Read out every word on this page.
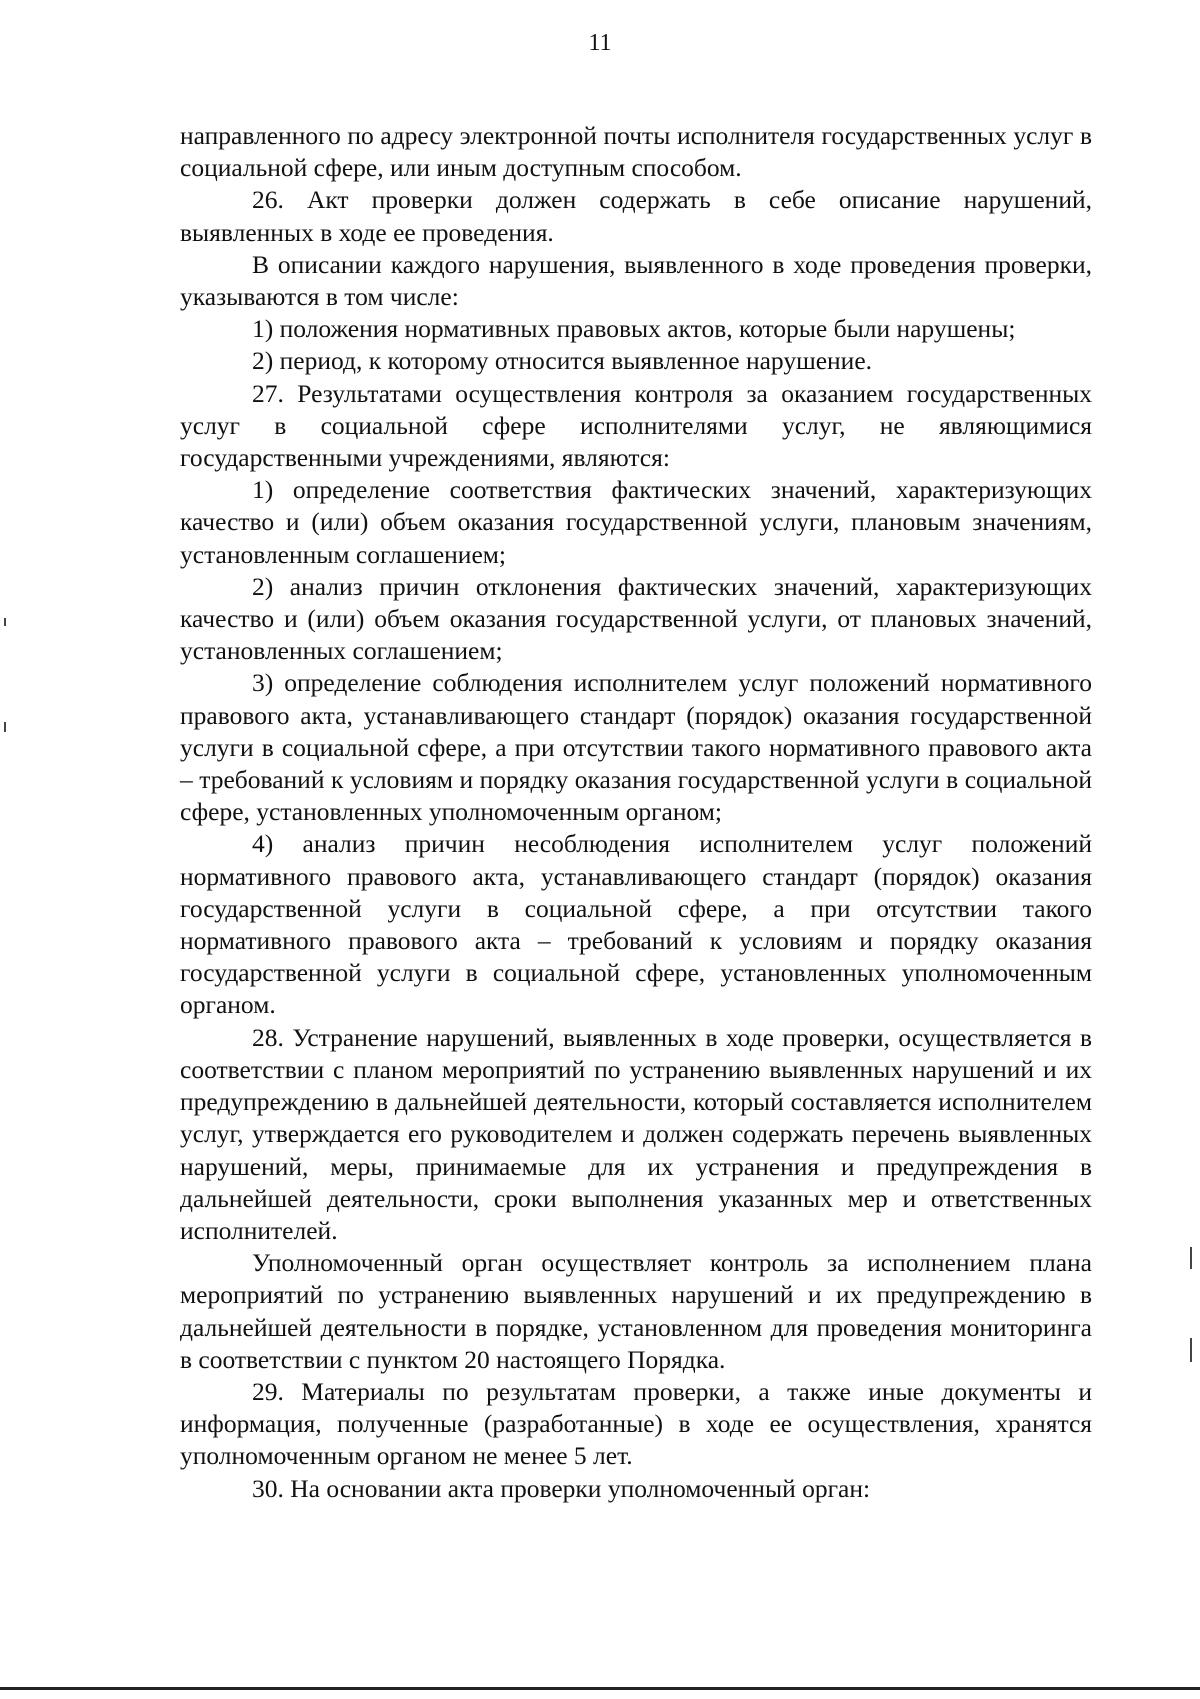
11

направленного по адресу электронной почты исполнителя государственных услуг в социальной сфере, или иным доступным способом.

26. Акт проверки должен содержать в себе описание нарушений, выявленных в ходе ее проведения.

В описании каждого нарушения, выявленного в ходе проведения проверки, указываются в том числе:

1) положения нормативных правовых актов, которые были нарушены;

2) период, к которому относится выявленное нарушение.

27. Результатами осуществления контроля за оказанием государственных услуг в социальной сфере исполнителями услуг, не являющимися государственными учреждениями, являются:

1) определение соответствия фактических значений, характеризующих качество и (или) объем оказания государственной услуги, плановым значениям, установленным соглашением;

2) анализ причин отклонения фактических значений, характеризующих качество и (или) объем оказания государственной услуги, от плановых значений, установленных соглашением;

3) определение соблюдения исполнителем услуг положений нормативного правового акта, устанавливающего стандарт (порядок) оказания государственной услуги в социальной сфере, а при отсутствии такого нормативного правового акта – требований к условиям и порядку оказания государственной услуги в социальной сфере, установленных уполномоченным органом;

4) анализ причин несоблюдения исполнителем услуг положений нормативного правового акта, устанавливающего стандарт (порядок) оказания государственной услуги в социальной сфере, а при отсутствии такого нормативного правового акта – требований к условиям и порядку оказания государственной услуги в социальной сфере, установленных уполномоченным органом.

28. Устранение нарушений, выявленных в ходе проверки, осуществляется в соответствии с планом мероприятий по устранению выявленных нарушений и их предупреждению в дальнейшей деятельности, который составляется исполнителем услуг, утверждается его руководителем и должен содержать перечень выявленных нарушений, меры, принимаемые для их устранения и предупреждения в дальнейшей деятельности, сроки выполнения указанных мер и ответственных исполнителей.

Уполномоченный орган осуществляет контроль за исполнением плана мероприятий по устранению выявленных нарушений и их предупреждению в дальнейшей деятельности в порядке, установленном для проведения мониторинга в соответствии с пунктом 20 настоящего Порядка.

29. Материалы по результатам проверки, а также иные документы и информация, полученные (разработанные) в ходе ее осуществления, хранятся уполномоченным органом не менее 5 лет.

30. На основании акта проверки уполномоченный орган:
